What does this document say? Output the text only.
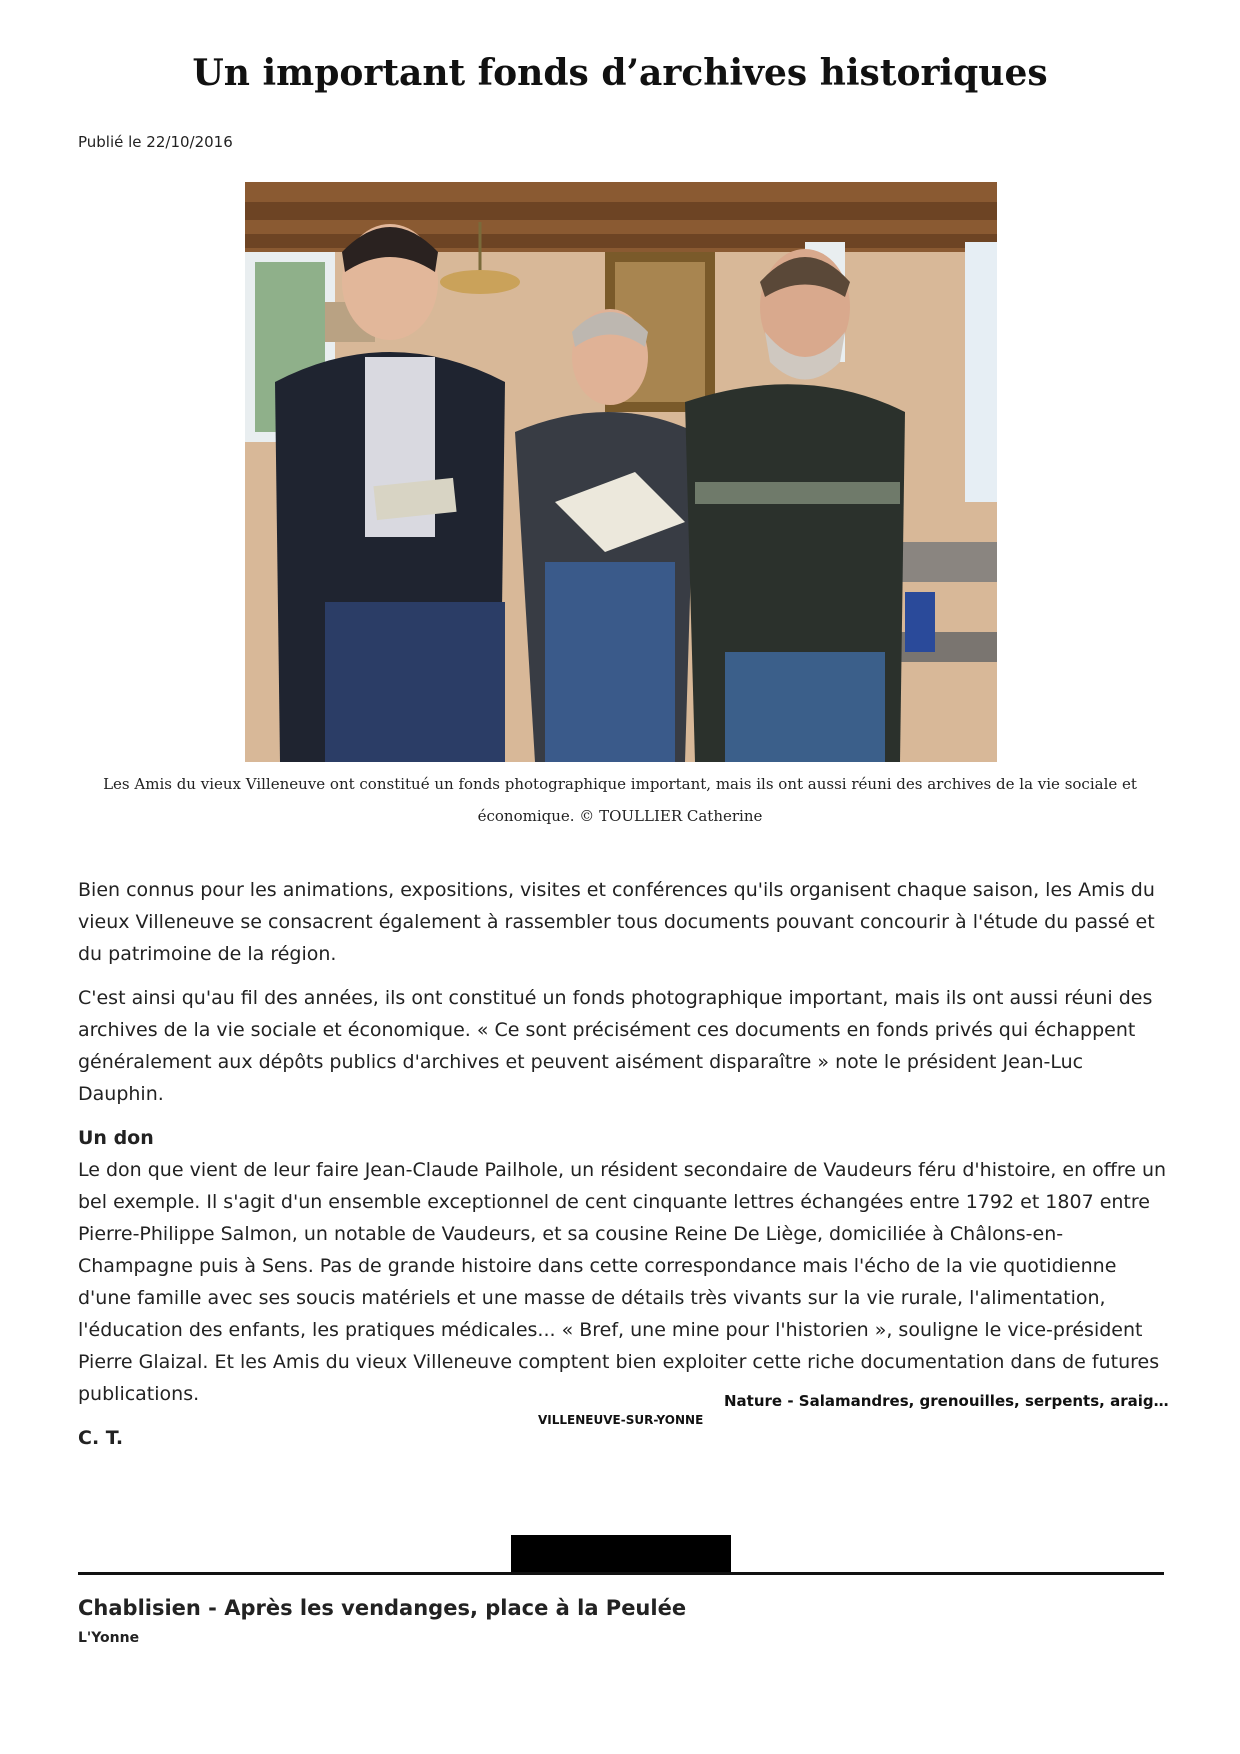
Un important fonds d’archives historiques
Publié le 22/10/2016
Les Amis du vieux Villeneuve ont constitué un fonds photographique important, mais ils ont aussi réuni des archives de la vie sociale et
économique. © TOULLIER Catherine

Bien connus pour les animations, expositions, visites et conférences qu'ils organisent chaque saison, les Amis du vieux Villeneuve se consacrent également à rassembler tous documents pouvant concourir à l'étude du passé et du patrimoine de la région.

C'est ainsi qu'au fil des années, ils ont constitué un fonds photographique important, mais ils ont aussi réuni des archives de la vie sociale et économique. « Ce sont précisément ces documents en fonds privés qui échappent généralement aux dépôts publics d'archives et peuvent aisément disparaître » note le président Jean-Luc Dauphin.

Un don

Le don que vient de leur faire Jean-Claude Pailhole, un résident secondaire de Vaudeurs féru d'histoire, en offre un bel exemple. Il s'agit d'un ensemble exceptionnel de cent cinquante lettres échangées entre 1792 et 1807 entre Pierre-Philippe Salmon, un notable de Vaudeurs, et sa cousine Reine De Liège, domiciliée à Châlons-en-Champagne puis à Sens. Pas de grande histoire dans cette correspondance mais l'écho de la vie quotidienne d'une famille avec ses soucis matériels et une masse de détails très vivants sur la vie rurale, l'alimentation, l'éducation des enfants, les pratiques médicales... « Bref, une mine pour l'historien », souligne le vice-président Pierre Glaizal. Et les Amis du vieux Villeneuve comptent bien exploiter cette riche documentation dans de futures publications.

C. T.
Nature - Salamandres, grenouilles, serpents, araig…
VILLENEUVE-SUR-YONNE
Chablisien - Après les vendanges, place à la Peulée
L'Yonne
